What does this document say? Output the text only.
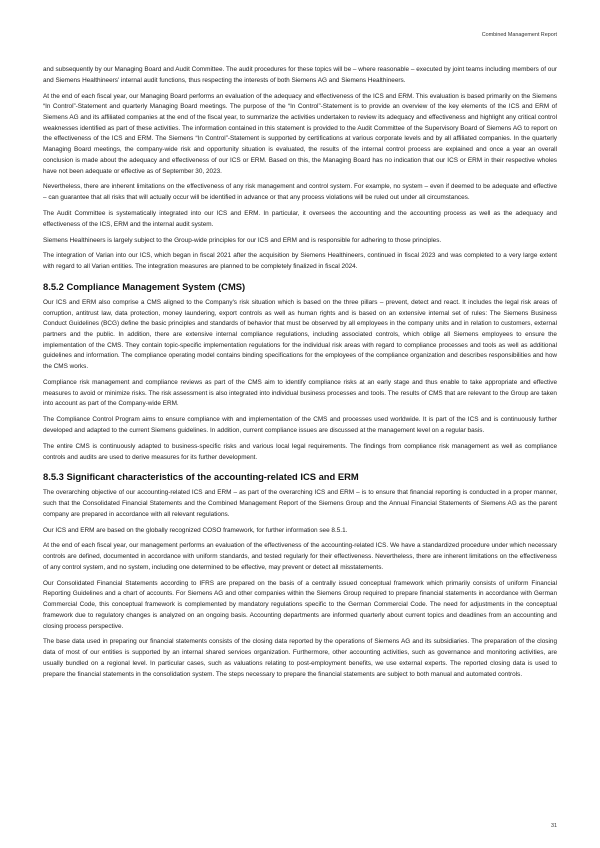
Combined Management Report

and subsequently by our Managing Board and Audit Committee. The audit procedures for these topics will be – where reasonable – executed by joint teams including members of our and Siemens Healthineers' internal audit functions, thus respecting the interests of both Siemens AG and Siemens Healthineers.

At the end of each fiscal year, our Managing Board performs an evaluation of the adequacy and effectiveness of the ICS and ERM. This evaluation is based primarily on the Siemens “In Control”-Statement and quarterly Managing Board meetings. The purpose of the “In Control”-Statement is to provide an overview of the key elements of the ICS and ERM of Siemens AG and its affiliated companies at the end of the fiscal year, to summarize the activities undertaken to review its adequacy and effectiveness and highlight any critical control weaknesses identified as part of these activities. The information contained in this statement is provided to the Audit Committee of the Supervisory Board of Siemens AG to report on the effectiveness of the ICS and ERM. The Siemens “In Control”-Statement is supported by certifications at various corporate levels and by all affiliated companies. In the quarterly Managing Board meetings, the company-wide risk and opportunity situation is evaluated, the results of the internal control process are explained and once a year an overall conclusion is made about the adequacy and effectiveness of our ICS or ERM. Based on this, the Managing Board has no indication that our ICS or ERM in their respective wholes have not been adequate or effective as of September 30, 2023.

Nevertheless, there are inherent limitations on the effectiveness of any risk management and control system. For example, no system – even if deemed to be adequate and effective – can guarantee that all risks that will actually occur will be identified in advance or that any process violations will be ruled out under all circumstances.

The Audit Committee is systematically integrated into our ICS and ERM. In particular, it oversees the accounting and the accounting process as well as the adequacy and effectiveness of the ICS, ERM and the internal audit system.

Siemens Healthineers is largely subject to the Group-wide principles for our ICS and ERM and is responsible for adhering to those principles.

The integration of Varian into our ICS, which began in fiscal 2021 after the acquisition by Siemens Healthineers, continued in fiscal 2023 and was completed to a very large extent with regard to all Varian entities. The integration measures are planned to be completely finalized in fiscal 2024.

8.5.2 Compliance Management System (CMS)

Our ICS and ERM also comprise a CMS aligned to the Company's risk situation which is based on the three pillars – prevent, detect and react. It includes the legal risk areas of corruption, antitrust law, data protection, money laundering, export controls as well as human rights and is based on an extensive internal set of rules: The Siemens Business Conduct Guidelines (BCG) define the basic principles and standards of behavior that must be observed by all employees in the company units and in relation to customers, external partners and the public. In addition, there are extensive internal compliance regulations, including associated controls, which oblige all Siemens employees to ensure the implementation of the CMS. They contain topic-specific implementation regulations for the individual risk areas with regard to compliance processes and tools as well as additional guidelines and information. The compliance operating model contains binding specifications for the employees of the compliance organization and describes responsibilities and how the CMS works.

Compliance risk management and compliance reviews as part of the CMS aim to identify compliance risks at an early stage and thus enable to take appropriate and effective measures to avoid or minimize risks. The risk assessment is also integrated into individual business processes and tools. The results of CMS that are relevant to the Group are taken into account as part of the Company-wide ERM.

The Compliance Control Program aims to ensure compliance with and implementation of the CMS and processes used worldwide. It is part of the ICS and is continuously further developed and adapted to the current Siemens guidelines. In addition, current compliance issues are discussed at the management level on a regular basis.

The entire CMS is continuously adapted to business-specific risks and various local legal requirements. The findings from compliance risk management as well as compliance controls and audits are used to derive measures for its further development.

8.5.3 Significant characteristics of the accounting-related ICS and ERM

The overarching objective of our accounting-related ICS and ERM – as part of the overarching ICS and ERM – is to ensure that financial reporting is conducted in a proper manner, such that the Consolidated Financial Statements and the Combined Management Report of the Siemens Group and the Annual Financial Statements of Siemens AG as the parent company are prepared in accordance with all relevant regulations.

Our ICS and ERM are based on the globally recognized COSO framework, for further information see 8.5.1.

At the end of each fiscal year, our management performs an evaluation of the effectiveness of the accounting-related ICS. We have a standardized procedure under which necessary controls are defined, documented in accordance with uniform standards, and tested regularly for their effectiveness. Nevertheless, there are inherent limitations on the effectiveness of any control system, and no system, including one determined to be effective, may prevent or detect all misstatements.

Our Consolidated Financial Statements according to IFRS are prepared on the basis of a centrally issued conceptual framework which primarily consists of uniform Financial Reporting Guidelines and a chart of accounts. For Siemens AG and other companies within the Siemens Group required to prepare financial statements in accordance with German Commercial Code, this conceptual framework is complemented by mandatory regulations specific to the German Commercial Code. The need for adjustments in the conceptual framework due to regulatory changes is analyzed on an ongoing basis. Accounting departments are informed quarterly about current topics and deadlines from an accounting and closing process perspective.

The base data used in preparing our financial statements consists of the closing data reported by the operations of Siemens AG and its subsidiaries. The preparation of the closing data of most of our entities is supported by an internal shared services organization. Furthermore, other accounting activities, such as governance and monitoring activities, are usually bundled on a regional level. In particular cases, such as valuations relating to post-employment benefits, we use external experts. The reported closing data is used to prepare the financial statements in the consolidation system. The steps necessary to prepare the financial statements are subject to both manual and automated controls.

31
